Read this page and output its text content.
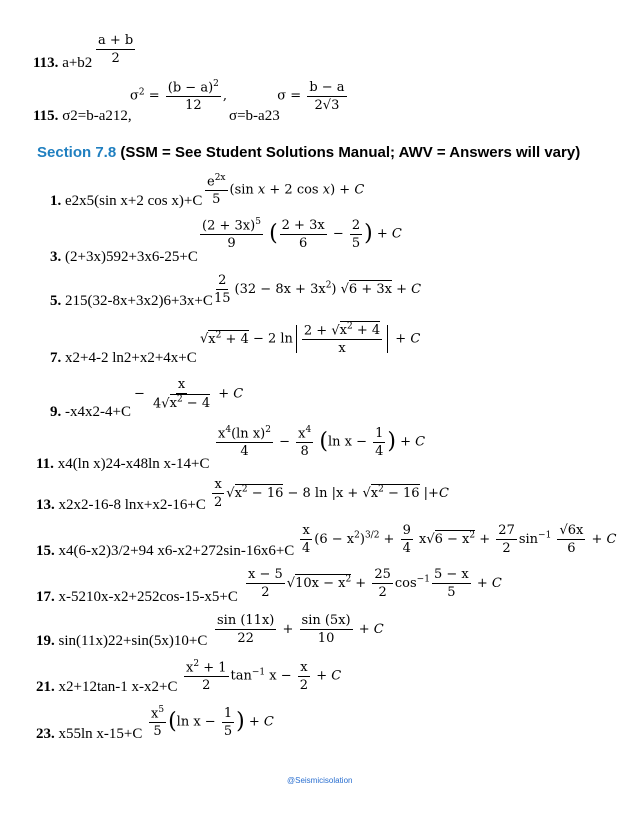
$\frac{a + b}{2}$
113. a+b2
$\sigma^2 = \frac{(b - a)^2}{12}$ ,	$\sigma = \frac{b - a}{2√3}$
115. σ2=b-a212,	σ=b-a23
Section 7.8 (SSM = See Student Solutions Manual; AWV = Answers will vary)
$\frac{e^{2x}}{5} (\sin$ x + 2 cos x) + C
1. e2x5(sin x+2 cos x)+C
$\frac{(2 + 3x)^5}{9}$ ( $\frac{2 + 3x}{6} - \frac{2}{5}$ ) + C
3. (2+3x)592+3x6-25+C
$\frac{2}{15} (32 - 8x + 3x^2) √6 + 3x + C$
5. 215(32-8x+3x2)6+3x+C
$√x^2 + 4 - 2$ $\ln \frac{2 + √x^2 + 4}{x} + C$
7. x2+4-2 ln2+x2+4x+C
− $\frac{x}{4√x^2 - 4} + C$
9. -x4x2-4+C
$\frac{x^4(\ln x)^2}{4} - \frac{x^4}{8} (\ln$ $x - \frac{1}{4}$ ) + C
11. x4(ln x)24-x48ln x-14+C
$\frac{x}{2} √x^2 - 16 - 8$ $\ln |x + √x^2 - 16$ |+C
13. x2x2-16-8 lnx+x2-16+C
$\frac{x}{4} (6 - x^2)^{3/2} + \frac{9}{4} x√6 - x^2 + \frac{27}{2} \sin^{-1} \frac{√6x}{6} + C$
15. x4(6-x2)3/2+94 x6-x2+272sin-16x6+C
$\frac{x - 5}{2} √10x - x^2 + \frac{25}{2} \cos^{-1} \frac{5 - x}{5} + C$
17. x-5210x-x2+252cos-15-x5+C
$\frac{\sin (11x)}{22} + \frac{\sin (5x)}{10} + C$
19. sin(11x)22+sin(5x)10+C
$\frac{x^2 + 1}{2} \tan^{-1} x - \frac{x}{2} + C$
21. x2+12tan-1 x-x2+C
$\frac{x^5}{5} (\ln$ $x - \frac{1}{5}$ ) + C
23. x55ln x-15+C
@Seismicisolation
